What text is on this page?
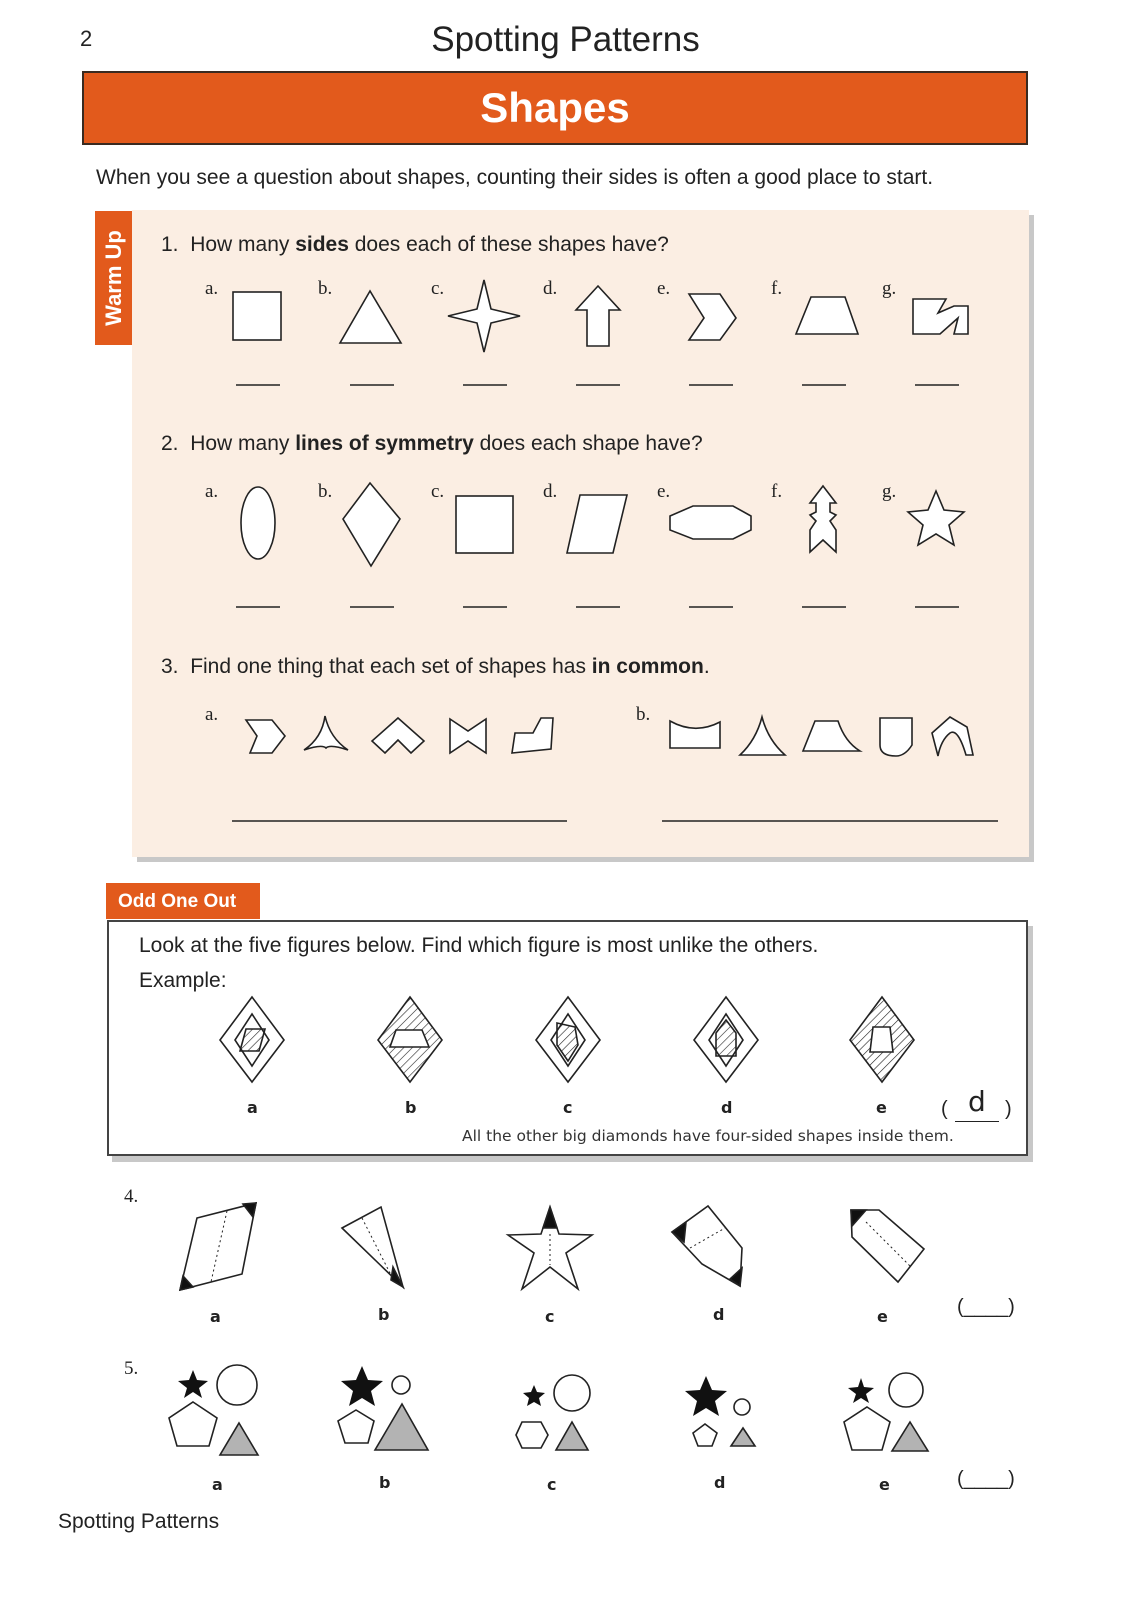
2	Spotting Patterns
Shapes
When you see a question about shapes, counting their sides is often a good place to start.
Warm Up 1. How many sides does each of these shapes have?
a.	b.	c.	d.	e.	f.	g.
2. How many lines of symmetry does each shape have?
a.	b.	c.	d.	e.	f.	g.
3. Find one thing that each set of shapes has in common.
a.	b.
Odd One Out
Look at the five figures below. Find which figure is most unlike the others.
Example:
a	b	c	d	e	( d )
All the other big diamonds have four-sided shapes inside them.
4.
a	b	c	d	e	(____)
5.
a	b	c	d	e	(____)
Spotting Patterns
